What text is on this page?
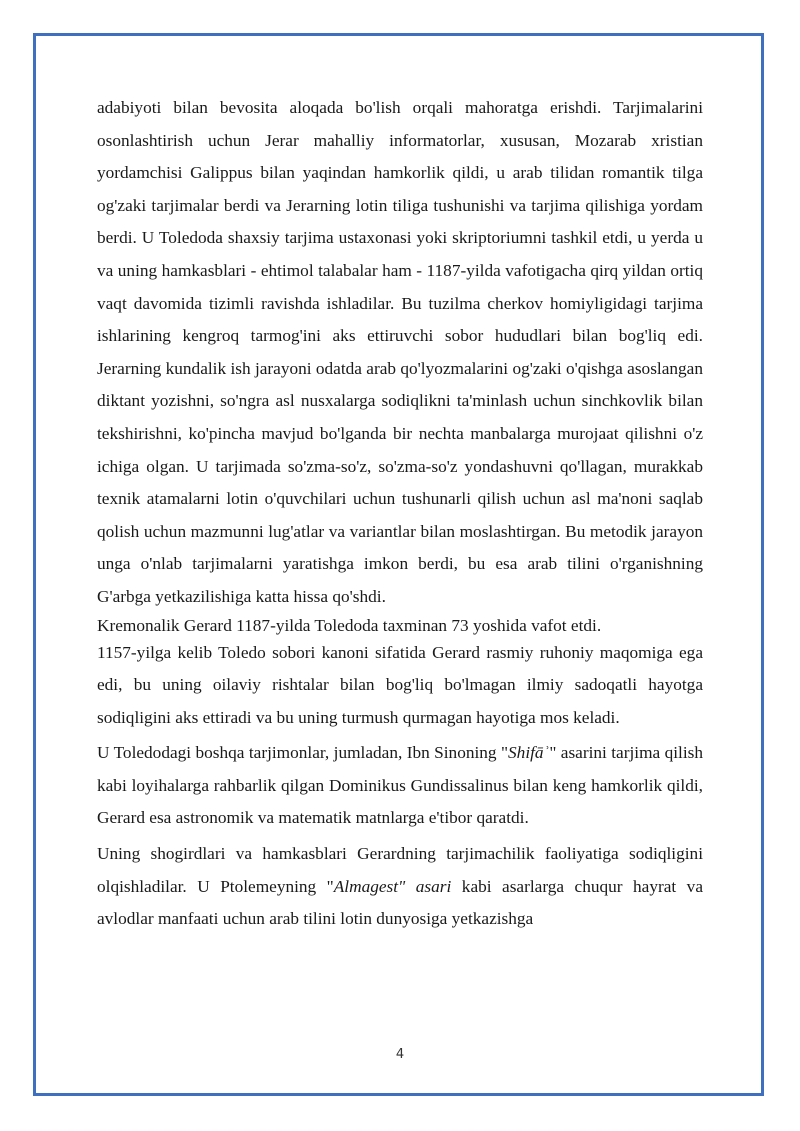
adabiyoti bilan bevosita aloqada bo'lish orqali mahoratga erishdi. Tarjimalarini osonlashtirish uchun Jerar mahalliy informatorlar, xususan, Mozarab xristian yordamchisi Galippus bilan yaqindan hamkorlik qildi, u arab tilidan romantik tilga og'zaki tarjimalar berdi va Jerarning lotin tiliga tushunishi va tarjima qilishiga yordam berdi. U Toledoda shaxsiy tarjima ustaxonasi yoki skriptoriumni tashkil etdi, u yerda u va uning hamkasblari - ehtimol talabalar ham - 1187-yilda vafotigacha qirq yildan ortiq vaqt davomida tizimli ravishda ishladilar. Bu tuzilma cherkov homiyligidagi tarjima ishlarining kengroq tarmog'ini aks ettiruvchi sobor hududlari bilan bog'liq edi. Jerarning kundalik ish jarayoni odatda arab qo'lyozmalarini og'zaki o'qishga asoslangan diktant yozishni, so'ngra asl nusxalarga sodiqlikni ta'minlash uchun sinchkovlik bilan tekshirishni, ko'pincha mavjud bo'lganda bir nechta manbalarga murojaat qilishni o'z ichiga olgan. U tarjimada so'zma-so'z, so'zma-so'z yondashuvni qo'llagan, murakkab texnik atamalarni lotin o'quvchilari uchun tushunarli qilish uchun asl ma'noni saqlab qolish uchun mazmunni lug'atlar va variantlar bilan moslashtirgan. Bu metodik jarayon unga o'nlab tarjimalarni yaratishga imkon berdi, bu esa arab tilini o'rganishning G'arbga yetkazilishiga katta hissa qo'shdi.

Kremonalik Gerard 1187-yilda Toledoda taxminan 73 yoshida vafot etdi.

1157-yilga kelib Toledo sobori kanoni sifatida Gerard rasmiy ruhoniy maqomiga ega edi, bu uning oilaviy rishtalar bilan bog'liq bo'lmagan ilmiy sadoqatli hayotga sodiqligini aks ettiradi va bu uning turmush qurmagan hayotiga mos keladi.

U Toledodagi boshqa tarjimonlar, jumladan, Ibn Sinoning "Shifāʾ" asarini tarjima qilish kabi loyihalarga rahbarlik qilgan Dominikus Gundissalinus bilan keng hamkorlik qildi, Gerard esa astronomik va matematik matnlarga e'tibor qaratdi.

Uning shogirdlari va hamkasblari Gerardning tarjimachilik faoliyatiga sodiqligini olqishladilar. U Ptolemeyning "Almagest" asari kabi asarlarga chuqur hayrat va avlodlar manfaati uchun arab tilini lotin dunyosiga yetkazishga

4
